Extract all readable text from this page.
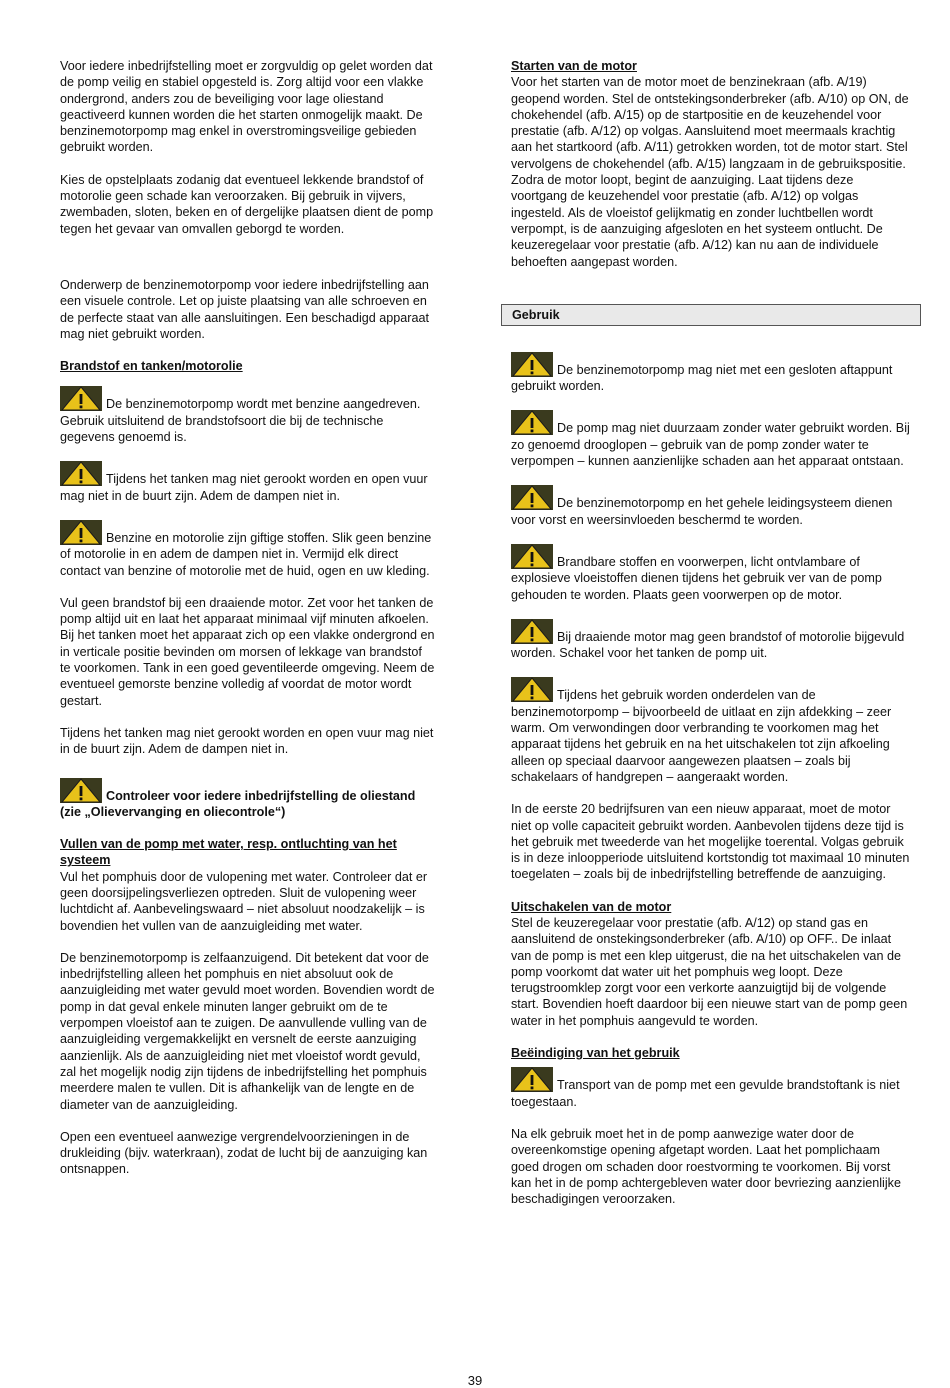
Voor iedere inbedrijfstelling moet er zorgvuldig op gelet worden dat de pomp veilig en stabiel opgesteld is. Zorg altijd voor een vlakke ondergrond, anders zou de beveiliging voor lage oliestand geactiveerd kunnen worden die het starten onmogelijk maakt. De benzinemotorpomp mag enkel in overstromingsveilige gebieden gebruikt worden.

Kies de opstelplaats zodanig dat eventueel lekkende brandstof of motorolie geen schade kan veroorzaken. Bij gebruik in vijvers, zwembaden, sloten, beken en of dergelijke plaatsen dient de pomp tegen het gevaar van omvallen geborgd te worden.

Onderwerp de benzinemotorpomp voor iedere inbedrijfstelling aan een visuele controle. Let op juiste plaatsing van alle schroeven en de perfecte staat van alle aansluitingen. Een beschadigd apparaat mag niet gebruikt worden.

Brandstof en tanken/motorolie
De benzinemotorpomp wordt met benzine aangedreven. Gebruik uitsluitend de brandstofsoort die bij de technische gegevens genoemd is.
Tijdens het tanken mag niet gerookt worden en open vuur mag niet in de buurt zijn. Adem de dampen niet in.
Benzine en motorolie zijn giftige stoffen. Slik geen benzine of motorolie in en adem de dampen niet in. Vermijd elk direct contact van benzine of motorolie met de huid, ogen en uw kleding.

Vul geen brandstof bij een draaiende motor. Zet voor het tanken de pomp altijd uit en laat het apparaat minimaal vijf minuten afkoelen. Bij het tanken moet het apparaat zich op een vlakke ondergrond en in verticale positie bevinden om morsen of lekkage van brandstof te voorkomen. Tank in een goed geventileerde omgeving. Neem de eventueel gemorste benzine volledig af voordat de motor wordt gestart.

Tijdens het tanken mag niet gerookt worden en open vuur mag niet in de buurt zijn. Adem de dampen niet in.

Controleer voor iedere inbedrijfstelling de oliestand (zie „Olievervanging en oliecontrole“)
Vullen van de pomp met water, resp. ontluchting van het systeem

Vul het pomphuis door de vulopening met water. Controleer dat er geen doorsijpelingsverliezen optreden. Sluit de vulopening weer luchtdicht af. Aanbevelingswaard – niet absoluut noodzakelijk – is bovendien het vullen van de aanzuigleiding met water.

De benzinemotorpomp is zelfaanzuigend. Dit betekent dat voor de inbedrijfstelling alleen het pomphuis en niet absoluut ook de aanzuigleiding met water gevuld moet worden. Bovendien wordt de pomp in dat geval enkele minuten langer gebruikt om de te verpompen vloeistof aan te zuigen. De aanvullende vulling van de aanzuigleiding vergemakkelijkt en versnelt de eerste aanzuiging aanzienlijk. Als de aanzuigleiding niet met vloeistof wordt gevuld, zal het mogelijk nodig zijn tijdens de inbedrijfstelling het pomphuis meerdere malen te vullen. Dit is afhankelijk van de lengte en de diameter van de aanzuigleiding.

Open een eventueel aanwezige vergrendelvoorzieningen in de drukleiding (bijv. waterkraan), zodat de lucht bij de aanzuiging kan ontsnappen.

Starten van de motor

Voor het starten van de motor moet de benzinekraan (afb. A/19) geopend worden. Stel de ontstekingsonderbreker (afb. A/10) op ON, de chokehendel (afb. A/15) op de startpositie en de keuzehendel voor prestatie (afb. A/12) op volgas. Aansluitend moet meermaals krachtig aan het startkoord (afb. A/11) getrokken worden, tot de motor start. Stel vervolgens de chokehendel (afb. A/15) langzaam in de gebruikspositie. Zodra de motor loopt, begint de aanzuiging. Laat tijdens deze voortgang de keuzehendel voor prestatie (afb. A/12) op volgas ingesteld. Als de vloeistof gelijkmatig en zonder luchtbellen wordt verpompt, is de aanzuiging afgesloten en het systeem ontlucht. De keuzeregelaar voor prestatie (afb. A/12) kan nu aan de individuele behoeften aangepast worden.

Gebruik
De benzinemotorpomp mag niet met een gesloten aftappunt gebruikt worden.
De pomp mag niet duurzaam zonder water gebruikt worden. Bij zo genoemd drooglopen – gebruik van de pomp zonder water te verpompen – kunnen aanzienlijke schaden aan het apparaat ontstaan.
De benzinemotorpomp en het gehele leidingsysteem dienen voor vorst en weersinvloeden beschermd te worden.
Brandbare stoffen en voorwerpen, licht ontvlambare of explosieve vloeistoffen dienen tijdens het gebruik ver van de pomp gehouden te worden. Plaats geen voorwerpen op de motor.
Bij draaiende motor mag geen brandstof of motorolie bijgevuld worden. Schakel voor het tanken de pomp uit.
Tijdens het gebruik worden onderdelen van de benzinemotorpomp – bijvoorbeeld de uitlaat en zijn afdekking – zeer warm. Om verwondingen door verbranding te voorkomen mag het apparaat tijdens het gebruik en na het uitschakelen tot zijn afkoeling alleen op speciaal daarvoor aangewezen plaatsen – zoals bij schakelaars of handgrepen – aangeraakt worden.

In de eerste 20 bedrijfsuren van een nieuw apparaat, moet de motor niet op volle capaciteit gebruikt worden. Aanbevolen tijdens deze tijd is het gebruik met tweederde van het mogelijke toerental. Volgas gebruik is in deze inloopperiode uitsluitend kortstondig tot maximaal 10 minuten toegelaten – zoals bij de inbedrijfstelling betreffende de aanzuiging.

Uitschakelen van de motor

Stel de keuzeregelaar voor prestatie (afb. A/12) op stand gas en aansluitend de onstekingsonderbreker (afb. A/10) op OFF.. De inlaat van de pomp is met een klep uitgerust, die na het uitschakelen van de pomp voorkomt dat water uit het pomphuis weg loopt. Deze terugstroomklep zorgt voor een verkorte aanzuigtijd bij de volgende start. Bovendien hoeft daardoor bij een nieuwe start van de pomp geen water in het pomphuis aangevuld te worden.

Beëindiging van het gebruik
Transport van de pomp met een gevulde brandstoftank is niet toegestaan.

Na elk gebruik moet het in de pomp aanwezige water door de overeenkomstige opening afgetapt worden. Laat het pomplichaam goed drogen om schaden door roestvorming te voorkomen. Bij vorst kan het in de pomp achtergebleven water door bevriezing aanzienlijke beschadigingen veroorzaken.

39
